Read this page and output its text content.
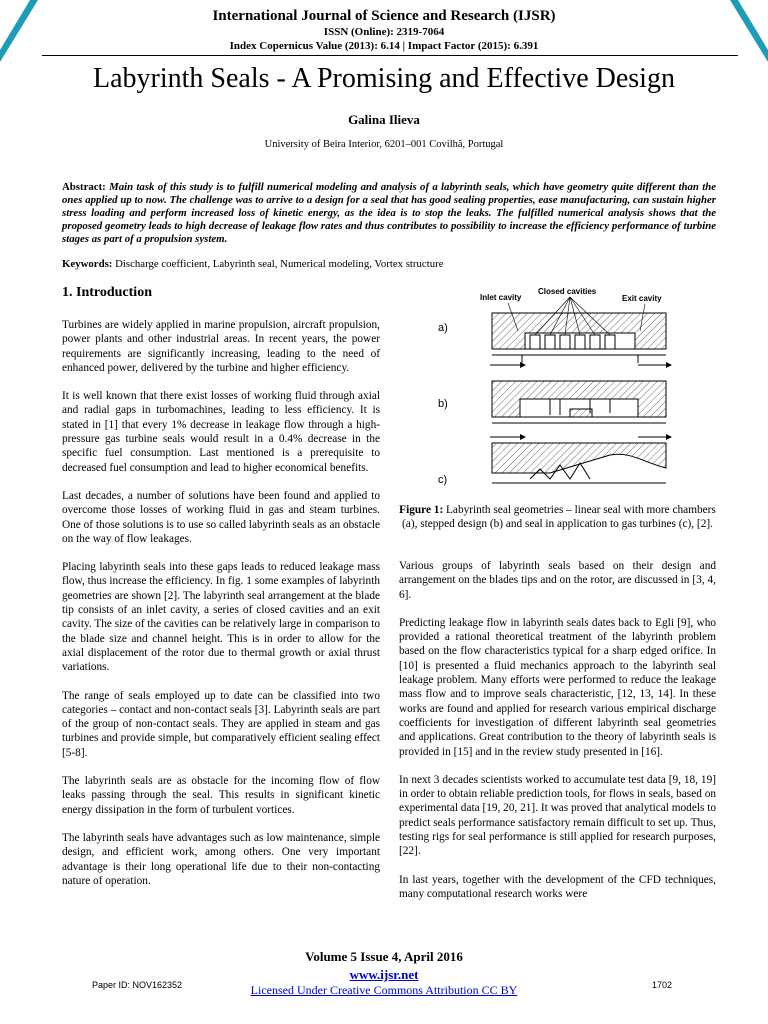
International Journal of Science and Research (IJSR)
ISSN (Online): 2319-7064
Index Copernicus Value (2013): 6.14 | Impact Factor (2015): 6.391
Labyrinth Seals - A Promising and Effective Design
Galina Ilieva
University of Beira Interior, 6201–001 Covilhã, Portugal
Abstract: Main task of this study is to fulfill numerical modeling and analysis of a labyrinth seals, which have geometry quite different than the ones applied up to now. The challenge was to arrive to a design for a seal that has good sealing properties, ease manufacturing, can sustain higher stress loading and perform increased loss of kinetic energy, as the idea is to stop the leaks. The fulfilled numerical analysis shows that the proposed geometry leads to high decrease of leakage flow rates and thus contributes to possibility to increase the efficiency performance of turbine stages as part of a propulsion system.
Keywords: Discharge coefficient, Labyrinth seal, Numerical modeling, Vortex structure
1. Introduction

Turbines are widely applied in marine propulsion, aircraft propulsion, power plants and other industrial areas. In recent years, the power requirements are significantly increasing, leading to the need of enhanced power, delivered by the turbine and higher efficiency.

It is well known that there exist losses of working fluid through axial and radial gaps in turbomachines, leading to less efficiency. It is stated in [1] that every 1% decrease in leakage flow through a high-pressure gas turbine seals would result in a 0.4% decrease in the specific fuel consumption. Last mentioned is a prerequisite to decreased fuel consumption and lead to higher economical benefits.

Last decades, a number of solutions have been found and applied to overcome those losses of working fluid in gas and steam turbines. One of those solutions is to use so called labyrinth seals as an obstacle on the way of flow leakages.

Placing labyrinth seals into these gaps leads to reduced leakage mass flow, thus increase the efficiency. In fig. 1 some examples of labyrinth geometries are shown [2]. The labyrinth seal arrangement at the blade tip consists of an inlet cavity, a series of closed cavities and an exit cavity. The size of the cavities can be relatively large in comparison to the blade size and channel height. This is in order to allow for the axial displacement of the rotor due to thermal growth or axial thrust variations.

The range of seals employed up to date can be classified into two categories – contact and non-contact seals [3]. Labyrinth seals are part of the group of non-contact seals. They are applied in steam and gas turbines and provide simple, but comparatively efficient sealing effect [5-8].

The labyrinth seals are as obstacle for the incoming flow of flow leaks passing through the seal. This results in significant kinetic energy dissipation in the form of turbulent vortices.

The labyrinth seals have advantages such as low maintenance, simple design, and efficient work, among others. One very important advantage is their long operational life due to their non-contacting nature of operation.

Inlet cavity
Closed cavities
Exit cavity
a)
b)
c)
Figure 1: Labyrinth seal geometries – linear seal with more chambers (a), stepped design (b) and seal in application to gas turbines (c), [2].

Various groups of labyrinth seals based on their design and arrangement on the blades tips and on the rotor, are discussed in [3, 4, 6].

Predicting leakage flow in labyrinth seals dates back to Egli [9], who provided a rational theoretical treatment of the labyrinth problem based on the flow characteristics typical for a sharp edged orifice. In [10] is presented a fluid mechanics approach to the labyrinth seal leakage problem. Many efforts were performed to reduce the leakage mass flow and to improve seals characteristic, [12, 13, 14]. In these works are found and applied for research various empirical discharge coefficients for investigation of different labyrinth seal geometries and applications. Great contribution to the theory of labyrinth seals is provided in [15] and in the review study presented in [16].

In next 3 decades scientists worked to accumulate test data [9, 18, 19] in order to obtain reliable prediction tools, for flows in seals, based on experimental data [19, 20, 21]. It was proved that analytical models to predict seals performance satisfactory remain difficult to set up. Thus, testing rigs for seal performance is still applied for research purposes, [22].

In last years, together with the development of the CFD techniques, many computational research works were

Volume 5 Issue 4, April 2016
www.ijsr.net
Licensed Under Creative Commons Attribution CC BY
Paper ID: NOV162352	1702
